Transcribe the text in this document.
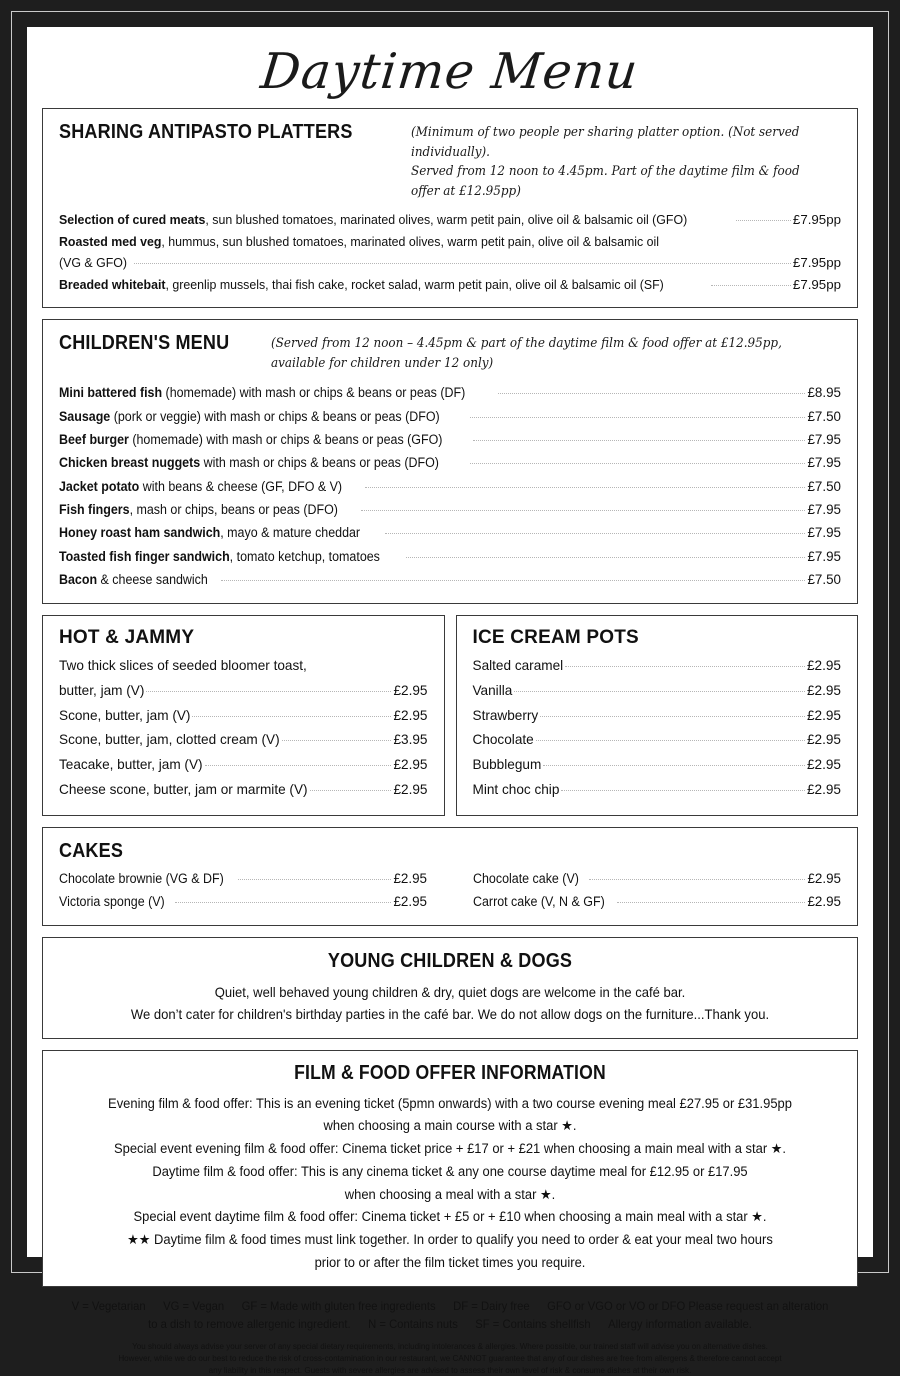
Daytime Menu
SHARING ANTIPASTO PLATTERS	(Minimum of two people per sharing platter option. (Not served individually).
Served from 12 noon to 4.45pm. Part of the daytime film & food offer at £12.95pp)
Selection of cured meats, sun blushed tomatoes, marinated olives, warm petit pain, olive oil & balsamic oil (GFO)	£7.95pp
Roasted med veg, hummus, sun blushed tomatoes, marinated olives, warm petit pain, olive oil & balsamic oil
(VG & GFO)	£7.95pp
Breaded whitebait, greenlip mussels, thai fish cake, rocket salad, warm petit pain, olive oil & balsamic oil (SF)	£7.95pp
CHILDREN'S MENU	(Served from 12 noon – 4.45pm & part of the daytime film & food offer at £12.95pp,
available for children under 12 only)
Mini battered fish (homemade) with mash or chips & beans or peas (DF)	£8.95
Sausage (pork or veggie) with mash or chips & beans or peas (DFO)	£7.50
Beef burger (homemade) with mash or chips & beans or peas (GFO)	£7.95
Chicken breast nuggets with mash or chips & beans or peas (DFO)	£7.95
Jacket potato with beans & cheese (GF, DFO & V)	£7.50
Fish fingers, mash or chips, beans or peas (DFO)	£7.95
Honey roast ham sandwich, mayo & mature cheddar	£7.95
Toasted fish finger sandwich, tomato ketchup, tomatoes	£7.95
Bacon & cheese sandwich	£7.50
HOT & JAMMY
Two thick slices of seeded bloomer toast,
butter, jam (V)	£2.95
Scone, butter, jam (V)	£2.95
Scone, butter, jam, clotted cream (V)	£3.95
Teacake, butter, jam (V)	£2.95
Cheese scone, butter, jam or marmite (V)	£2.95
ICE CREAM POTS
Salted caramel	£2.95
Vanilla	£2.95
Strawberry	£2.95
Chocolate	£2.95
Bubblegum	£2.95
Mint choc chip	£2.95
CAKES
Chocolate brownie (VG & DF)	£2.95
Victoria sponge (V)	£2.95
Chocolate cake (V)	£2.95
Carrot cake (V, N & GF)	£2.95
YOUNG CHILDREN & DOGS
Quiet, well behaved young children & dry, quiet dogs are welcome in the café bar.
We don’t cater for children's birthday parties in the café bar. We do not allow dogs on the furniture...Thank you.
FILM & FOOD OFFER INFORMATION
Evening film & food offer: This is an evening ticket (5pmn onwards) with a two course evening meal £27.95 or £31.95pp
when choosing a main course with a star ★.
Special event evening film & food offer: Cinema ticket price + £17 or + £21 when choosing a main meal with a star ★.
Daytime film & food offer: This is any cinema ticket & any one course daytime meal for £12.95 or £17.95
when choosing a meal with a star ★.
Special event daytime film & food offer: Cinema ticket + £5 or + £10 when choosing a main meal with a star ★.
★★ Daytime film & food times must link together. In order to qualify you need to order & eat your meal two hours
prior to or after the film ticket times you require.
V = Vegetarian VG = Vegan GF = Made with gluten free ingredients DF = Dairy free GFO or VGO or VO or DFO Please request an alteration
to a dish to remove allergenic ingredient. N = Contains nuts SF = Contains shellfish Allergy information available.
You should always advise your server of any special dietary requirements, including intolerances & allergies. Where possible, our trained staff will advise you on alternative dishes.
However, while we do our best to reduce the risk of cross-contamination in our restaurant, we CANNOT guarantee that any of our dishes are free from allergens & therefore cannot accept
any liability in this respect. Guests with severe allergies are advised to assess their own level of risk & consume dishes at their own risk.
